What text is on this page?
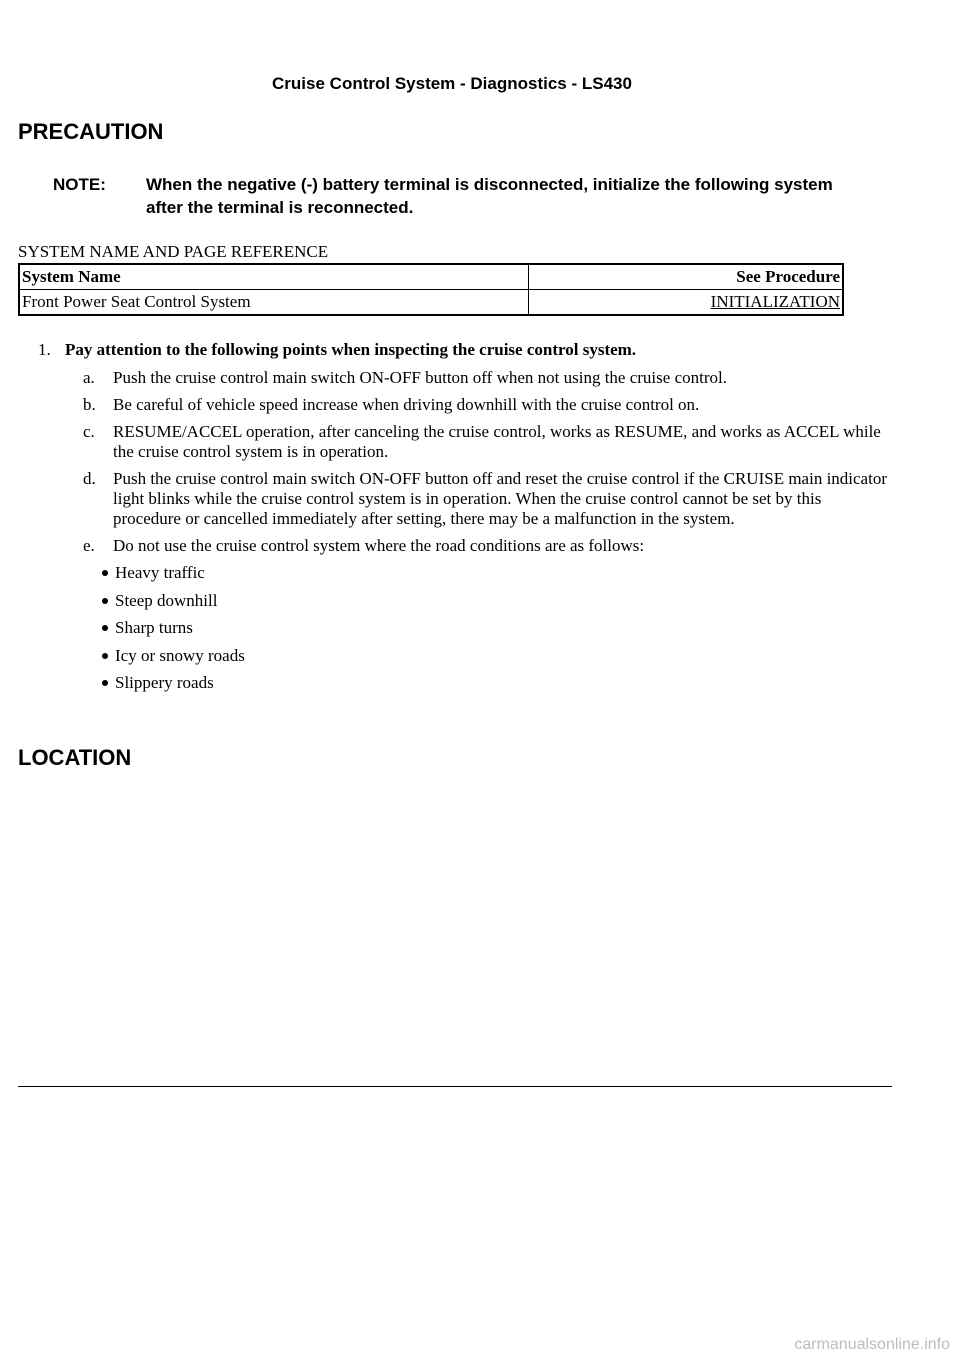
Cruise Control System - Diagnostics - LS430
PRECAUTION
NOTE:	When the negative (-) battery terminal is disconnected, initialize the following system after the terminal is reconnected.
SYSTEM NAME AND PAGE REFERENCE
System Name	See Procedure
Front Power Seat Control System	INITIALIZATION
1. Pay attention to the following points when inspecting the cruise control system.
a.	Push the cruise control main switch ON-OFF button off when not using the cruise control.
b.	Be careful of vehicle speed increase when driving downhill with the cruise control on.
c.	RESUME/ACCEL operation, after canceling the cruise control, works as RESUME, and works as ACCEL while the cruise control system is in operation.
d.	Push the cruise control main switch ON-OFF button off and reset the cruise control if the CRUISE main indicator light blinks while the cruise control system is in operation. When the cruise control cannot be set by this procedure or cancelled immediately after setting, there may be a malfunction in the system.
e.	Do not use the cruise control system where the road conditions are as follows:
Heavy traffic
Steep downhill
Sharp turns
Icy or snowy roads
Slippery roads
LOCATION
carmanualsonline.info
